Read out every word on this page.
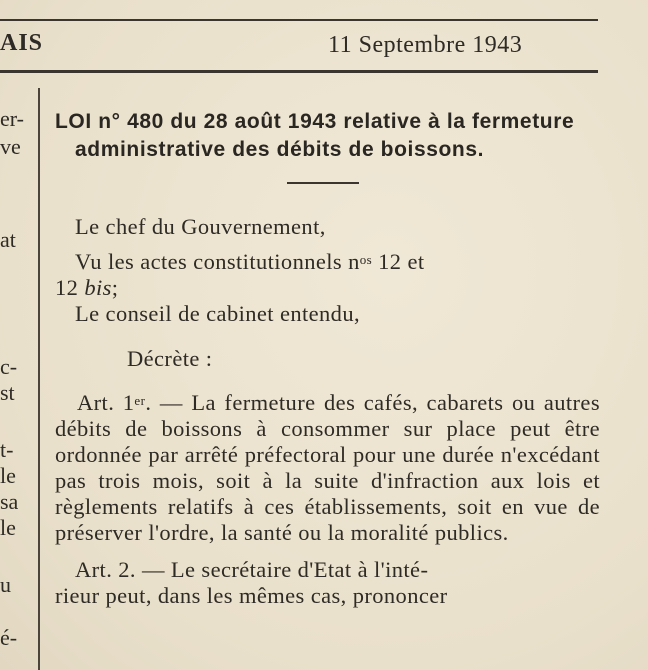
AIS	11 Septembre 1943
er-
ve
at
c-
st
t-
le
sa
le
u
é-
LOI n° 480 du 28 août 1943 relative à la fermeture administrative des débits de boissons.
Le chef du Gouvernement,
Vu les actes constitutionnels $n^{os}$ 12 et
12 bis;
Le conseil de cabinet entendu,
Décrète :

Art. 1er. — La fermeture des cafés, cabarets ou autres débits de boissons à consommer sur place peut être ordonnée par arrêté préfectoral pour une durée n'excédant pas trois mois, soit à la suite d'infraction aux lois et règlements relatifs à ces établissements, soit en vue de préserver l'ordre, la santé ou la moralité publics.

Art. 2. — Le secrétaire d'Etat à l'inté-
rieur peut, dans les mêmes cas, prononcer
